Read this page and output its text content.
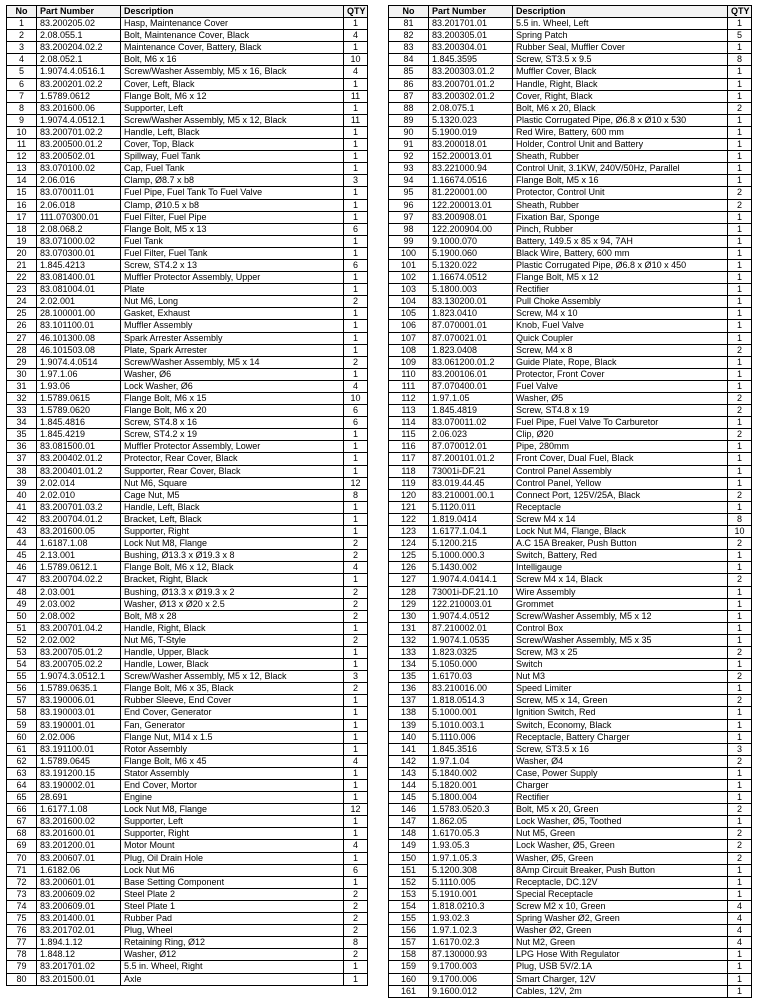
No	Part Number	Description	QTY
1	83.200205.02	Hasp, Maintenance Cover	1
2	2.08.055.1	Bolt, Maintenance Cover, Black	4
3	83.200204.02.2	Maintenance Cover, Battery, Black	1
4	2.08.052.1	Bolt, M6 x 16	10
5	1.9074.4.0516.1	Screw/Washer Assembly, M5 x 16, Black	4
6	83.200201.02.2	Cover, Left, Black	1
7	1.5789.0612	Flange Bolt, M6 x 12	11
8	83.201600.06	Supporter, Left	1
9	1.9074.4.0512.1	Screw/Washer Assembly, M5 x 12, Black	11
10	83.200701.02.2	Handle, Left, Black	1
11	83.200500.01.2	Cover, Top, Black	1
12	83.200502.01	Spillway, Fuel Tank	1
13	83.070100.02	Cap, Fuel Tank	1
14	2.06.016	Clamp, Ø8.7 x b8	3
15	83.070011.01	Fuel Pipe, Fuel Tank To Fuel Valve	1
16	2.06.018	Clamp, Ø10.5 x b8	1
17	111.070300.01	Fuel Filter, Fuel Pipe	1
18	2.08.068.2	Flange Bolt, M5 x 13	6
19	83.071000.02	Fuel Tank	1
20	83.070300.01	Fuel Filter, Fuel Tank	1
21	1.845.4213	Screw, ST4.2 x 13	6
22	83.081400.01	Muffler Protector Assembly, Upper	1
23	83.081004.01	Plate	1
24	2.02.001	Nut M6, Long	2
25	28.100001.00	Gasket, Exhaust	1
26	83.101100.01	Muffler Assembly	1
27	46.101300.08	Spark Arrester Assembly	1
28	46.101503.08	Plate, Spark Arrester	1
29	1.9074.4.0514	Screw/Washer Assembly, M5 x 14	2
30	1.97.1.06	Washer, Ø6	1
31	1.93.06	Lock Washer, Ø6	4
32	1.5789.0615	Flange Bolt, M6 x 15	10
33	1.5789.0620	Flange Bolt, M6 x 20	6
34	1.845.4816	Screw, ST4.8 x 16	6
35	1.845.4219	Screw, ST4.2 x 19	1
36	83.081500.01	Muffler Protector Assembly, Lower	1
37	83.200402.01.2	Protector, Rear Cover, Black	1
38	83.200401.01.2	Supporter, Rear Cover, Black	1
39	2.02.014	Nut M6, Square	12
40	2.02.010	Cage Nut, M5	8
41	83.200701.03.2	Handle, Left, Black	1
42	83.200704.01.2	Bracket, Left, Black	1
43	83.201600.05	Supporter, Right	1
44	1.6187.1.08	Lock Nut M8, Flange	2
45	2.13.001	Bushing, Ø13.3 x Ø19.3 x 8	2
46	1.5789.0612.1	Flange Bolt, M6 x 12, Black	4
47	83.200704.02.2	Bracket, Right, Black	1
48	2.03.001	Bushing, Ø13.3 x Ø19.3 x 2	2
49	2.03.002	Washer, Ø13 x Ø20 x 2.5	2
50	2.08.002	Bolt, M8 x 28	2
51	83.200701.04.2	Handle, Right, Black	1
52	2.02.002	Nut M6, T-Style	2
53	83.200705.01.2	Handle, Upper, Black	1
54	83.200705.02.2	Handle, Lower, Black	1
55	1.9074.3.0512.1	Screw/Washer Assembly, M5 x 12, Black	3
56	1.5789.0635.1	Flange Bolt, M6 x 35, Black	2
57	83.190006.01	Rubber Sleeve, End Cover	1
58	83.190003.01	End Cover, Generator	1
59	83.190001.01	Fan, Generator	1
60	2.02.006	Flange Nut, M14 x 1.5	1
61	83.191100.01	Rotor Assembly	1
62	1.5789.0645	Flange Bolt, M6 x 45	4
63	83.191200.15	Stator Assembly	1
64	83.190002.01	End Cover, Mortor	1
65	28.691	Engine	1
66	1.6177.1.08	Lock Nut M8, Flange	12
67	83.201600.02	Supporter, Left	1
68	83.201600.01	Supporter, Right	1
69	83.201200.01	Motor Mount	4
70	83.200607.01	Plug, Oil Drain Hole	1
71	1.6182.06	Lock Nut M6	6
72	83.200601.01	Base Setting Component	1
73	83.200609.02	Steel Plate 2	2
74	83.200609.01	Steel Plate 1	2
75	83.201400.01	Rubber Pad	2
76	83.201702.01	Plug, Wheel	2
77	1.894.1.12	Retaining Ring, Ø12	8
78	1.848.12	Washer, Ø12	2
79	83.201701.02	5.5 in. Wheel, Right	1
80	83.201500.01	Axle	1
No	Part Number	Description	QTY
81	83.201701.01	5.5 in. Wheel, Left	1
82	83.200305.01	Spring Patch	5
83	83.200304.01	Rubber Seal, Muffler Cover	1
84	1.845.3595	Screw, ST3.5 x 9.5	8
85	83.200303.01.2	Muffler Cover, Black	1
86	83.200701.01.2	Handle, Right, Black	1
87	83.200302.01.2	Cover, Right, Black	1
88	2.08.075.1	Bolt, M6 x 20, Black	2
89	5.1320.023	Plastic Corrugated Pipe, Ø6.8 x Ø10 x 530	1
90	5.1900.019	Red Wire, Battery, 600 mm	1
91	83.200018.01	Holder, Control Unit and Battery	1
92	152.200013.01	Sheath, Rubber	1
93	83.221000.94	Control Unit, 3.1KW, 240V/50Hz, Parallel	1
94	1.16674.0516	Flange Bolt, M5 x 16	1
95	81.220001.00	Protector, Control Unit	2
96	122.200013.01	Sheath, Rubber	2
97	83.200908.01	Fixation Bar, Sponge	1
98	122.200904.00	Pinch, Rubber	1
99	9.1000.070	Battery, 149.5 x 85 x 94, 7AH	1
100	5.1900.060	Black Wire, Battery, 600 mm	1
101	5.1320.022	Plastic Corrugated Pipe, Ø6.8 x Ø10 x 450	1
102	1.16674.0512	Flange Bolt, M5 x 12	1
103	5.1800.003	Rectifier	1
104	83.130200.01	Pull Choke Assembly	1
105	1.823.0410	Screw, M4 x 10	1
106	87.070001.01	Knob, Fuel Valve	1
107	87.070021.01	Quick Coupler	1
108	1.823.0408	Screw, M4 x 8	2
109	83.061200.01.2	Guide Plate, Rope, Black	1
110	83.200106.01	Protector, Front Cover	1
111	87.070400.01	Fuel Valve	1
112	1.97.1.05	Washer, Ø5	2
113	1.845.4819	Screw, ST4.8 x 19	2
114	83.070011.02	Fuel Pipe, Fuel Valve To Carburetor	1
115	2.06.023	Clip, Ø20	2
116	87.070012.01	Pipe, 280mm	1
117	87.200101.01.2	Front Cover, Dual Fuel, Black	1
118	73001i-DF.21	Control Panel Assembly	1
119	83.019.44.45	Control Panel, Yellow	1
120	83.210001.00.1	Connect Port, 125V/25A, Black	2
121	5.1120.011	Receptacle	1
122	1.819.0414	Screw M4 x 14	8
123	1.6177.1.04.1	Lock Nut M4, Flange, Black	10
124	5.1200.215	A.C 15A Breaker, Push Button	2
125	5.1000.000.3	Switch, Battery, Red	1
126	5.1430.002	Intelligauge	1
127	1.9074.4.0414.1	Screw M4 x 14, Black	2
128	73001i-DF.21.10	Wire Assembly	1
129	122.210003.01	Grommet	1
130	1.9074.4.0512	Screw/Washer Assembly, M5 x 12	1
131	87.210002.01	Control Box	1
132	1.9074.1.0535	Screw/Washer Assembly, M5 x 35	1
133	1.823.0325	Screw, M3 x 25	2
134	5.1050.000	Switch	1
135	1.6170.03	Nut M3	2
136	83.210016.00	Speed Limiter	1
137	1.818.0514.3	Screw, M5 x 14, Green	2
138	5.1000.001	Ignition Switch, Red	1
139	5.1010.003.1	Switch, Economy, Black	1
140	5.1110.006	Receptacle, Battery Charger	1
141	1.845.3516	Screw, ST3.5 x 16	3
142	1.97.1.04	Washer, Ø4	2
143	5.1840.002	Case, Power Supply	1
144	5.1820.001	Charger	1
145	5.1800.004	Rectifier	1
146	1.5783.0520.3	Bolt, M5 x 20, Green	2
147	1.862.05	Lock Washer, Ø5, Toothed	1
148	1.6170.05.3	Nut M5, Green	2
149	1.93.05.3	Lock Washer, Ø5, Green	2
150	1.97.1.05.3	Washer, Ø5, Green	2
151	5.1200.308	8Amp Circuit Breaker, Push Button	1
152	5.1110.005	Receptacle, DC.12V	1
153	5.1910.001	Special Receptacle	1
154	1.818.0210.3	Screw M2 x 10, Green	4
155	1.93.02.3	Spring Washer Ø2, Green	4
156	1.97.1.02.3	Washer Ø2, Green	4
157	1.6170.02.3	Nut M2, Green	4
158	87.130000.93	LPG Hose With Regulator	1
159	9.1700.003	Plug, USB 5V/2.1A	1
160	9.1700.006	Smart Charger, 12V	1
161	9.1600.012	Cables, 12V, 2m	1
